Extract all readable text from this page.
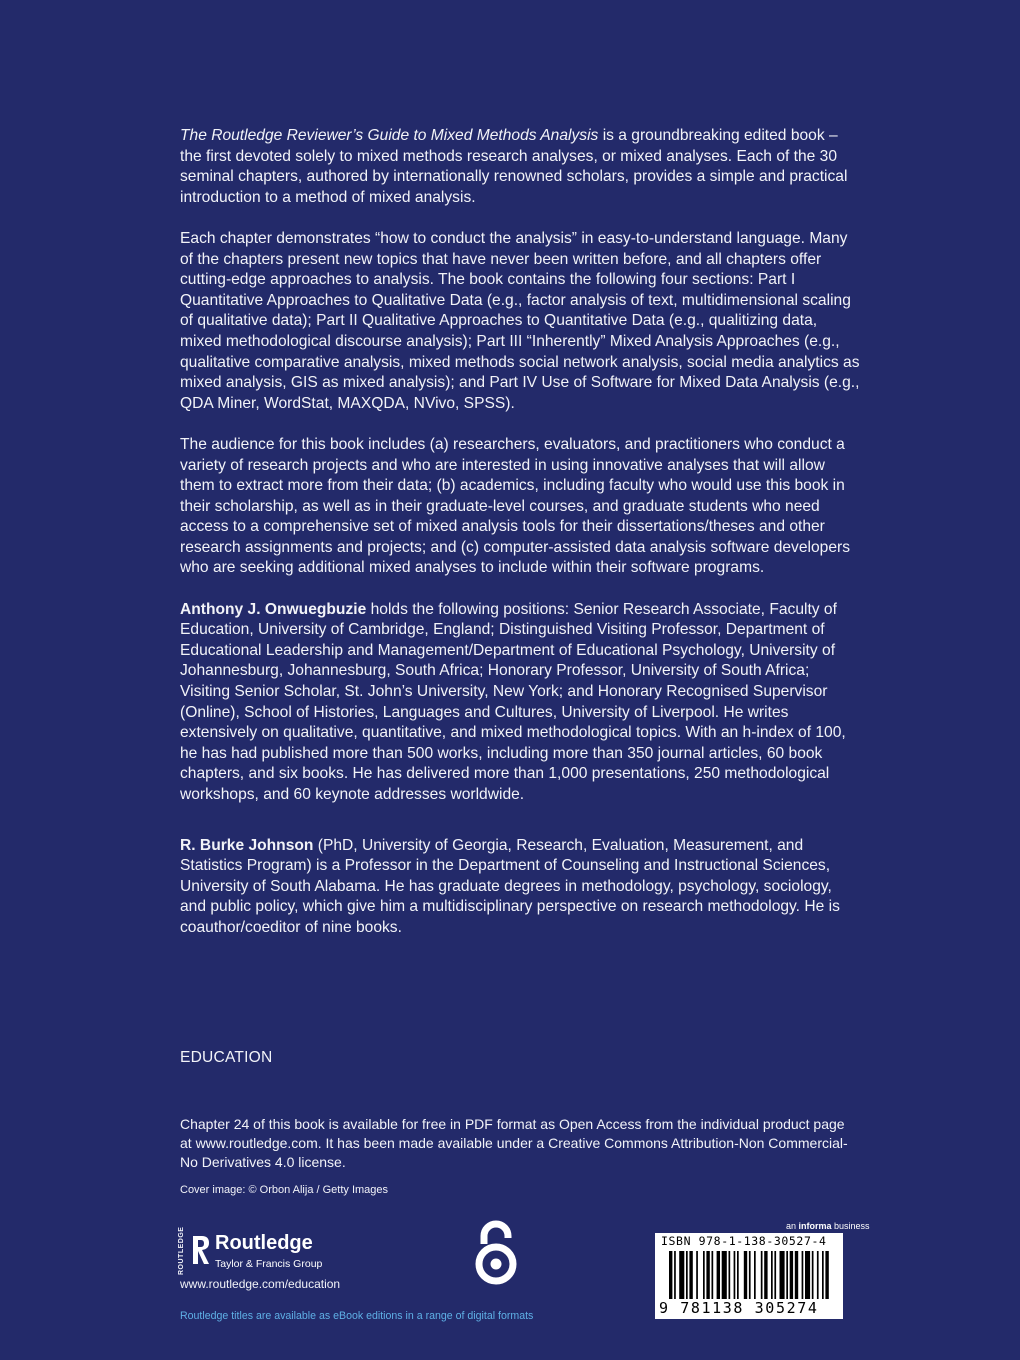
The Routledge Reviewer’s Guide to Mixed Methods Analysis is a groundbreaking edited book – the first devoted solely to mixed methods research analyses, or mixed analyses. Each of the 30 seminal chapters, authored by internationally renowned scholars, provides a simple and practical introduction to a method of mixed analysis.

Each chapter demonstrates “how to conduct the analysis” in easy-to-understand language. Many of the chapters present new topics that have never been written before, and all chapters offer cutting-edge approaches to analysis. The book contains the following four sections: Part I Quantitative Approaches to Qualitative Data (e.g., factor analysis of text, multidimensional scaling of qualitative data); Part II Qualitative Approaches to Quantitative Data (e.g., qualitizing data, mixed methodological discourse analysis); Part III “Inherently” Mixed Analysis Approaches (e.g., qualitative comparative analysis, mixed methods social network analysis, social media analytics as mixed analysis, GIS as mixed analysis); and Part IV Use of Software for Mixed Data Analysis (e.g., QDA Miner, WordStat, MAXQDA, NVivo, SPSS).

The audience for this book includes (a) researchers, evaluators, and practitioners who conduct a variety of research projects and who are interested in using innovative analyses that will allow them to extract more from their data; (b) academics, including faculty who would use this book in their scholarship, as well as in their graduate-level courses, and graduate students who need access to a comprehensive set of mixed analysis tools for their dissertations/theses and other research assignments and projects; and (c) computer-assisted data analysis software developers who are seeking additional mixed analyses to include within their software programs.

Anthony J. Onwuegbuzie holds the following positions: Senior Research Associate, Faculty of Education, University of Cambridge, England; Distinguished Visiting Professor, Department of Educational Leadership and Management/Department of Educational Psychology, University of Johannesburg, Johannesburg, South Africa; Honorary Professor, University of South Africa; Visiting Senior Scholar, St. John’s University, New York; and Honorary Recognised Supervisor (Online), School of Histories, Languages and Cultures, University of Liverpool. He writes extensively on qualitative, quantitative, and mixed methodological topics. With an h-index of 100, he has had published more than 500 works, including more than 350 journal articles, 60 book chapters, and six books. He has delivered more than 1,000 presentations, 250 methodological workshops, and 60 keynote addresses worldwide.

R. Burke Johnson (PhD, University of Georgia, Research, Evaluation, Measurement, and Statistics Program) is a Professor in the Department of Counseling and Instructional Sciences, University of South Alabama. He has graduate degrees in methodology, psychology, sociology, and public policy, which give him a multidisciplinary perspective on research methodology. He is coauthor/coeditor of nine books.

EDUCATION
Chapter 24 of this book is available for free in PDF format as Open Access from the individual product page at www.routledge.com. It has been made available under a Creative Commons Attribution-Non Commercial-No Derivatives 4.0 license.
Cover image: © Orbon Alija / Getty Images
ROUTLEDGE Routledge
Taylor & Francis Group
www.routledge.com/education
Routledge titles are available as eBook editions in a range of digital formats
an informa business
ISBN 978-1-138-30527-4
9 781138 305274
